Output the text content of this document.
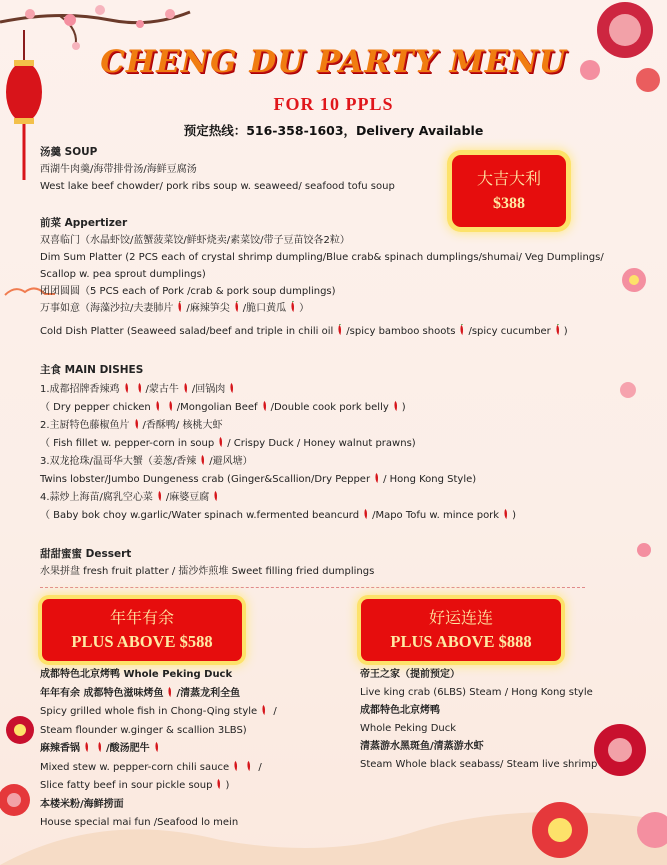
CHENG DU PARTY MENU
FOR 10 PPLS
预定热线：516-358-1603，Delivery Available
大吉大利
$388
汤羹 SOUP
西湖牛肉羹/海带排骨汤/海鲜豆腐汤
West lake beef chowder/ pork ribs soup w. seaweed/ seafood tofu soup
前菜 Appertizer
双喜临门（水晶虾饺/蓝蟹菠菜饺/鲜虾烧卖/素菜饺/带子豆苗饺各2粒）
Dim Sum Platter (2 PCS each of crystal shrimp dumpling/Blue crab& spinach dumplings/shumai/ Veg Dumplings/ Scallop w. pea sprout dumplings)
团团圆圆（5 PCS each of Pork /crab & pork soup dumplings)
万事如意（海藻沙拉/夫妻肺片 /麻辣笋尖 /脆口黄瓜 ）
Cold Dish Platter (Seaweed salad/beef and triple in chili oil /spicy bamboo shoots /spicy cucumber )
主食 MAIN DISHES
1.成都招牌香辣鸡	/蒙古牛 /回锅肉
（ Dry pepper chicken	/Mongolian Beef /Double cook pork belly )
2.主厨特色藤椒鱼片 /香酥鸭/ 核桃大虾
（ Fish fillet w. pepper-corn in soup / Crispy Duck / Honey walnut prawns)
3.双龙抢珠/温哥华大蟹（姜葱/香辣 /避风塘）
Twins lobster/Jumbo Dungeness crab (Ginger&Scallion/Dry Pepper / Hong Kong Style)
4.蒜炒上海苗/腐乳空心菜 /麻婆豆腐
（ Baby bok choy w.garlic/Water spinach w.fermented beancurd /Mapo Tofu w. mince pork )
甜甜蜜蜜 Dessert
水果拼盘 fresh fruit platter / 擂沙炸煎堆 Sweet filling fried dumplings
年年有余
PLUS ABOVE $588
好运连连
PLUS ABOVE $888
成都特色北京烤鸭 Whole Peking Duck
年年有余 成都特色滋味烤鱼 /清蒸龙利全鱼
Spicy grilled whole fish in Chong-Qing style /
Steam flounder w.ginger & scallion 3LBS)
麻辣香锅	/酸汤肥牛
Mixed stew w. pepper-corn chili sauce	/
Slice fatty beef in sour pickle soup )
本楼米粉/海鲜捞面
House special mai fun /Seafood lo mein
帝王之家（提前预定）
Live king crab (6LBS) Steam / Hong Kong style
成都特色北京烤鸭
Whole Peking Duck
清蒸游水黑斑鱼/清蒸游水虾
Steam Whole black seabass/ Steam live shrimp
